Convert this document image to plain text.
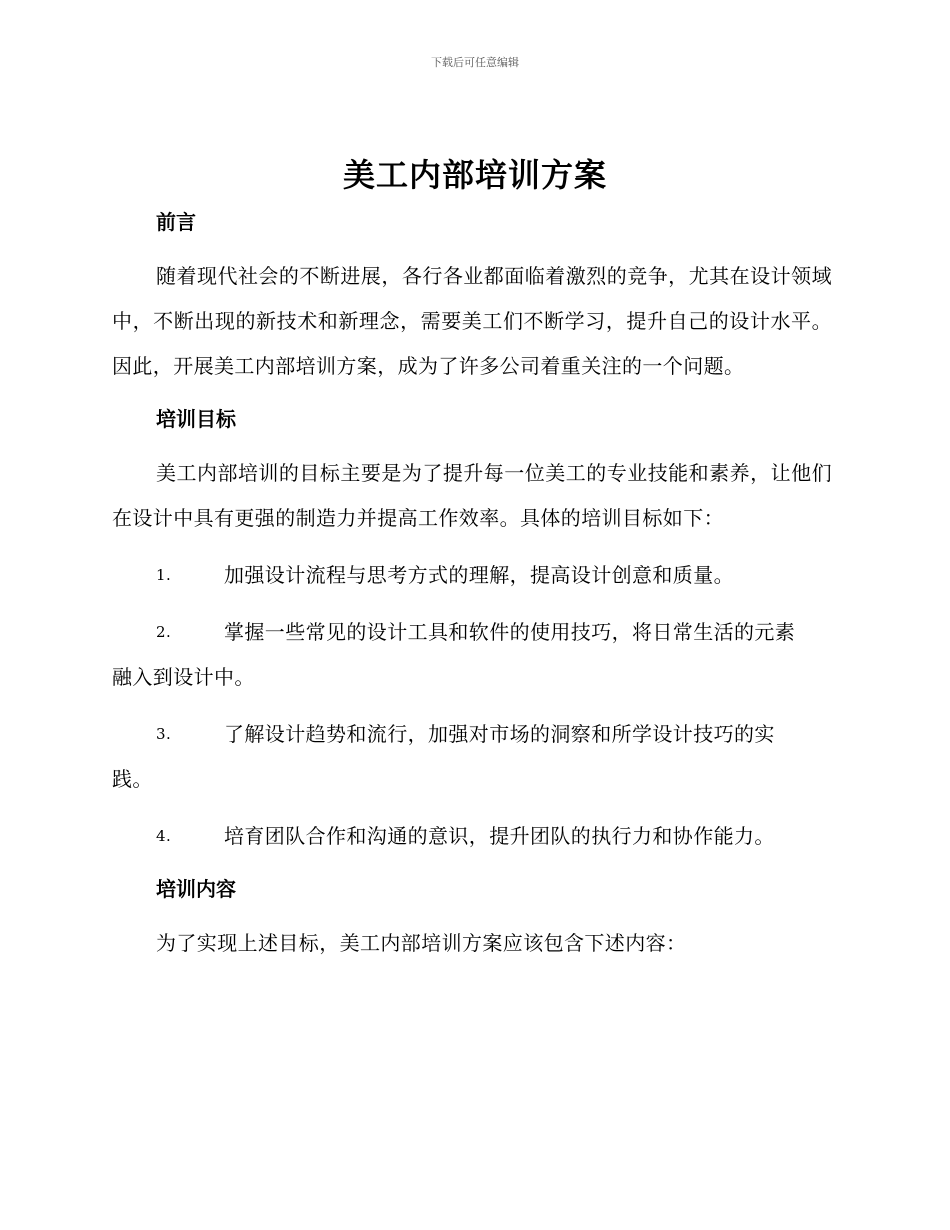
下载后可任意编辑
美工内部培训方案
前言

随着现代社会的不断进展，各行各业都面临着激烈的竞争，尤其在设计领域中，不断出现的新技术和新理念，需要美工们不断学习，提升自己的设计水平。因此，开展美工内部培训方案，成为了许多公司着重关注的一个问题。

培训目标

美工内部培训的目标主要是为了提升每一位美工的专业技能和素养，让他们在设计中具有更强的制造力并提高工作效率。具体的培训目标如下：

1.	加强设计流程与思考方式的理解，提高设计创意和质量。
2.	掌握一些常见的设计工具和软件的使用技巧，将日常生活的元素
融入到设计中。
3.	了解设计趋势和流行，加强对市场的洞察和所学设计技巧的实
践。
4.	培育团队合作和沟通的意识，提升团队的执行力和协作能力。
培训内容

为了实现上述目标，美工内部培训方案应该包含下述内容：
